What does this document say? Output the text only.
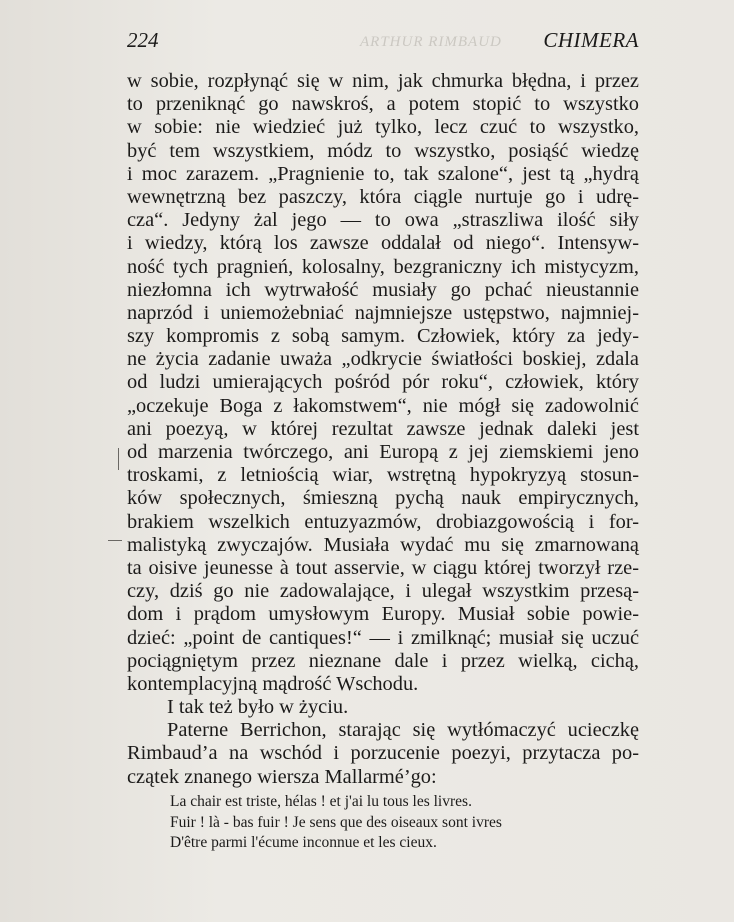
ARTHUR RIMBAUD
224	CHIMERA
w sobie, rozpłynąć się w nim, jak chmurka błędna, i przez
to przeniknąć go nawskroś, a potem stopić to wszystko
w sobie: nie wiedzieć już tylko, lecz czuć to wszystko,
być tem wszystkiem, módz to wszystko, posiąść wiedzę
i moc zarazem. „Pragnienie to, tak szalone“, jest tą „hydrą
wewnętrzną bez paszczy, która ciągle nurtuje go i udrę-
cza“. Jedyny żal jego — to owa „straszliwa ilość siły
i wiedzy, którą los zawsze oddalał od niego“. Intensyw-
ność tych pragnień, kolosalny, bezgraniczny ich mistycyzm,
niezłomna ich wytrwałość musiały go pchać nieustannie
naprzód i uniemożebniać najmniejsze ustępstwo, najmniej-
szy kompromis z sobą samym. Człowiek, który za jedy-
ne życia zadanie uważa „odkrycie światłości boskiej, zdala
od ludzi umierających pośród pór roku“, człowiek, który
„oczekuje Boga z łakomstwem“, nie mógł się zadowolnić
ani poezyą, w której rezultat zawsze jednak daleki jest
od marzenia twórczego, ani Europą z jej ziemskiemi jeno
troskami, z letniością wiar, wstrętną hypokryzyą stosun-
ków społecznych, śmieszną pychą nauk empirycznych,
brakiem wszelkich entuzyazmów, drobiazgowością i for-
malistyką zwyczajów. Musiała wydać mu się zmarnowaną
ta oisive jeunesse à tout asservie, w ciągu której tworzył rze-
czy, dziś go nie zadowalające, i ulegał wszystkim przesą-
dom i prądom umysłowym Europy. Musiał sobie powie-
dzieć: „point de cantiques!“ — i zmilknąć; musiał się uczuć
pociągniętym przez nieznane dale i przez wielką, cichą,
kontemplacyjną mądrość Wschodu.
I tak też było w życiu.
Paterne Berrichon, starając się wytłómaczyć ucieczkę
Rimbaud’a na wschód i porzucenie poezyi, przytacza po-
czątek znanego wiersza Mallarmé’go:
La chair est triste, hélas ! et j'ai lu tous les livres.
Fuir ! là - bas fuir ! Je sens que des oiseaux sont ivres
D'être parmi l'écume inconnue et les cieux.
